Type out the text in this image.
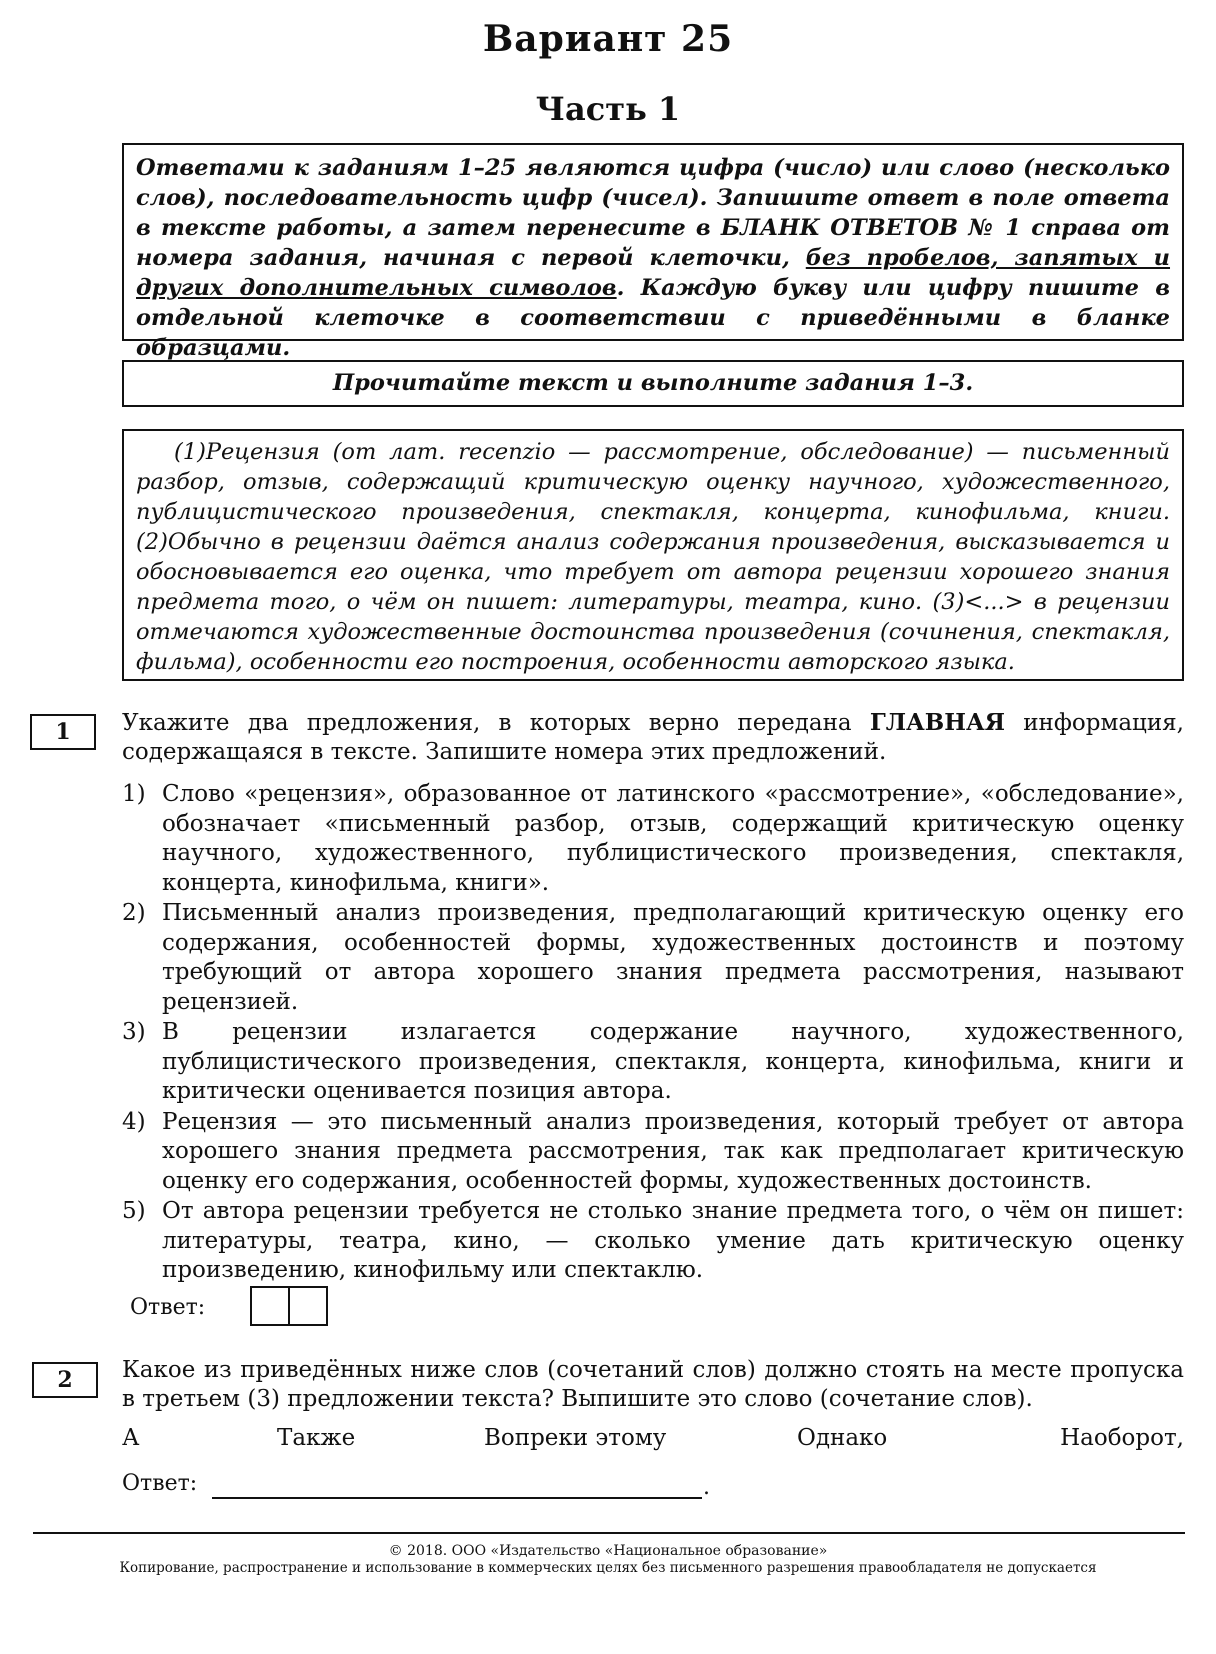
Вариант 25
Часть 1
Ответами к заданиям 1–25 являются цифра (число) или слово (несколько слов), последовательность цифр (чисел). Запишите ответ в поле ответа в тексте работы, а затем перенесите в БЛАНК ОТВЕТОВ № 1 справа от номера задания, начиная с первой клеточки, без пробелов, запятых и других дополнительных символов. Каждую букву или цифру пишите в отдельной клеточке в соответствии с приведёнными в бланке образцами.
Прочитайте текст и выполните задания 1–3.

(1)Рецензия (от лат. recenzio — рассмотрение, обследование) — письменный разбор, отзыв, содержащий критическую оценку научного, художественного, публицистического произведения, спектакля, концерта, кинофильма, книги. (2)Обычно в рецензии даётся анализ содержания произведения, высказывается и обосновывается его оценка, что требует от автора рецензии хорошего знания предмета того, о чём он пишет: литературы, театра, кино. (3)<...> в рецензии отмечаются художественные достоинства произведения (сочинения, спектакля, фильма), особенности его построения, особенности авторского языка.

1	Укажите два предложения, в которых верно передана ГЛАВНАЯ информация, содержащаяся в тексте. Запишите номера этих предложений.
1) Слово «рецензия», образованное от латинского «рассмотрение», «обследование», обозначает «письменный разбор, отзыв, содержащий критическую оценку научного, художественного, публицистического произведения, спектакля, концерта, кинофильма, книги».
2) Письменный анализ произведения, предполагающий критическую оценку его содержания, особенностей формы, художественных достоинств и поэтому требующий от автора хорошего знания предмета рассмотрения, называют рецензией.
3) В рецензии излагается содержание научного, художественного, публицистического произведения, спектакля, концерта, кинофильма, книги и критически оценивается позиция автора.
4) Рецензия — это письменный анализ произведения, который требует от автора хорошего знания предмета рассмотрения, так как предполагает критическую оценку его содержания, особенностей формы, художественных достоинств.
5) От автора рецензии требуется не столько знание предмета того, о чём он пишет: литературы, театра, кино, — сколько умение дать критическую оценку произведению, кинофильму или спектаклю.
Ответ:
2	Какое из приведённых ниже слов (сочетаний слов) должно стоять на месте пропуска в третьем (3) предложении текста? Выпишите это слово (сочетание слов).
А	Также	Вопреки этому	Однако	Наоборот,
Ответ:	.
© 2018. ООО «Издательство «Национальное образование»
Копирование, распространение и использование в коммерческих целях без письменного разрешения правообладателя не допускается
